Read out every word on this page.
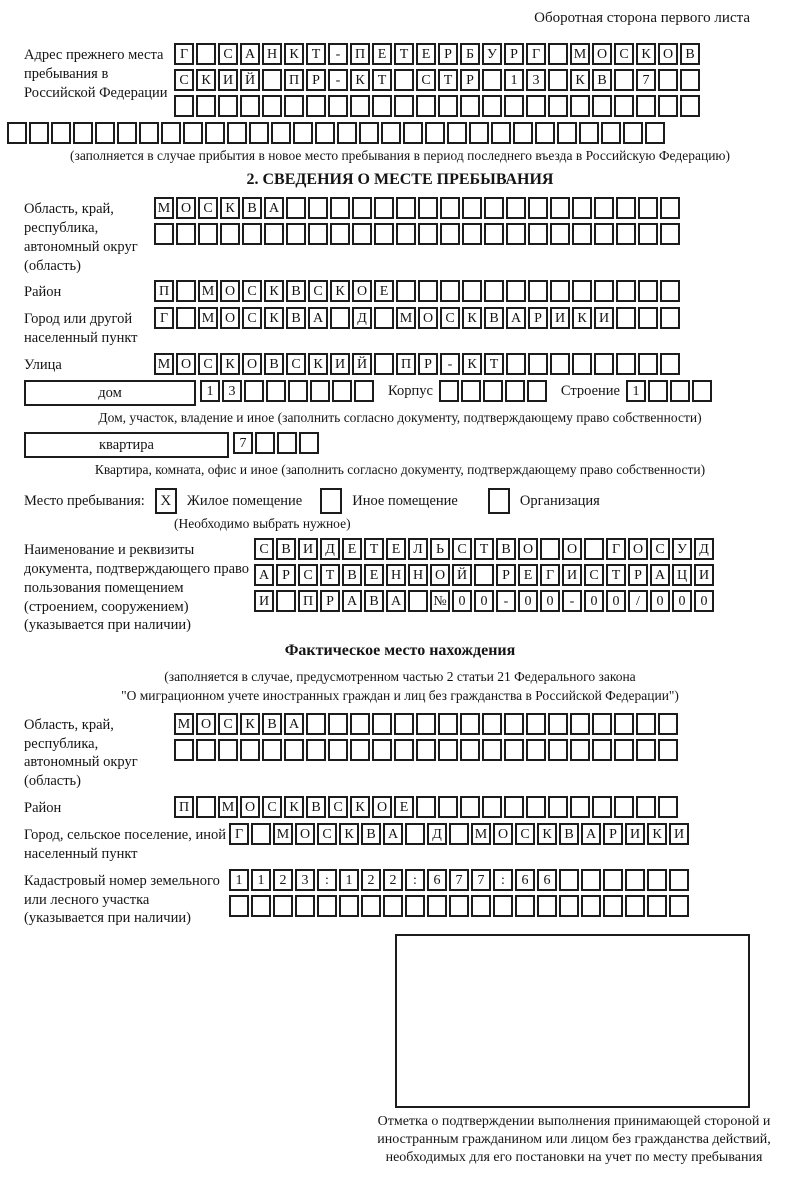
Оборотная сторона первого листа
Адрес прежнего места пребывания в Российской Федерации
Г	С А Н К Т	-	П Е Т Е Р	Б У Р	Г	М О С К О В
С К И Й	П Р	-	К Т	С Т Р	1	3	К В	7
(заполняется в случае прибытия в новое место пребывания в период последнего въезда в Российскую Федерацию)
2. СВЕДЕНИЯ О МЕСТЕ ПРЕБЫВАНИЯ
Область, край, республика, автономный округ (область)
М О С К В А
Район	П	М О С К В С К О Е
Город или другой населенный пункт
Г	М О С К В А	Д	М О С К В А Р И К И
Улица	М О С К О В С К И Й	П Р	-	К Т
дом	1	3	Корпус	Строение 1
Дом, участок, владение и иное (заполнить согласно документу, подтверждающему право собственности)
квартира	7
Квартира, комната, офис и иное (заполнить согласно документу, подтверждающему право собственности)
Место пребывания:	X	Жилое помещение	Иное помещение	Организация
(Необходимо выбрать нужное)
Наименование и реквизиты документа, подтверждающего право пользования помещением (строением, сооружением) (указывается при наличии)
С В И Д Е Т Е Л Ь С Т В О	О	Г О С У Д
А Р С Т В Е Н Н О Й	Р Е Г И С Т Р А Ц И
И	П Р А В А	№ 0	0	-	0	0	-	0	0	/	0	0	0
Фактическое место нахождения
(заполняется в случае, предусмотренном частью 2 статьи 21 Федерального закона
"О миграционном учете иностранных граждан и лиц без гражданства в Российской Федерации")
Область, край, республика, автономный округ (область)
М О С К В А
Район	П	М О С К В С К О Е
Город, сельское поселение, иной населенный пункт
Г	М О С К В А	Д	М О С К В А Р И К И
Кадастровый номер земельного или лесного участка (указывается при наличии)
1	1	2	3	:	1	2	2	:	6	7	7	:	6	6
Отметка о подтверждении выполнения принимающей стороной и иностранным гражданином или лицом без гражданства действий, необходимых для его постановки на учет по месту пребывания
